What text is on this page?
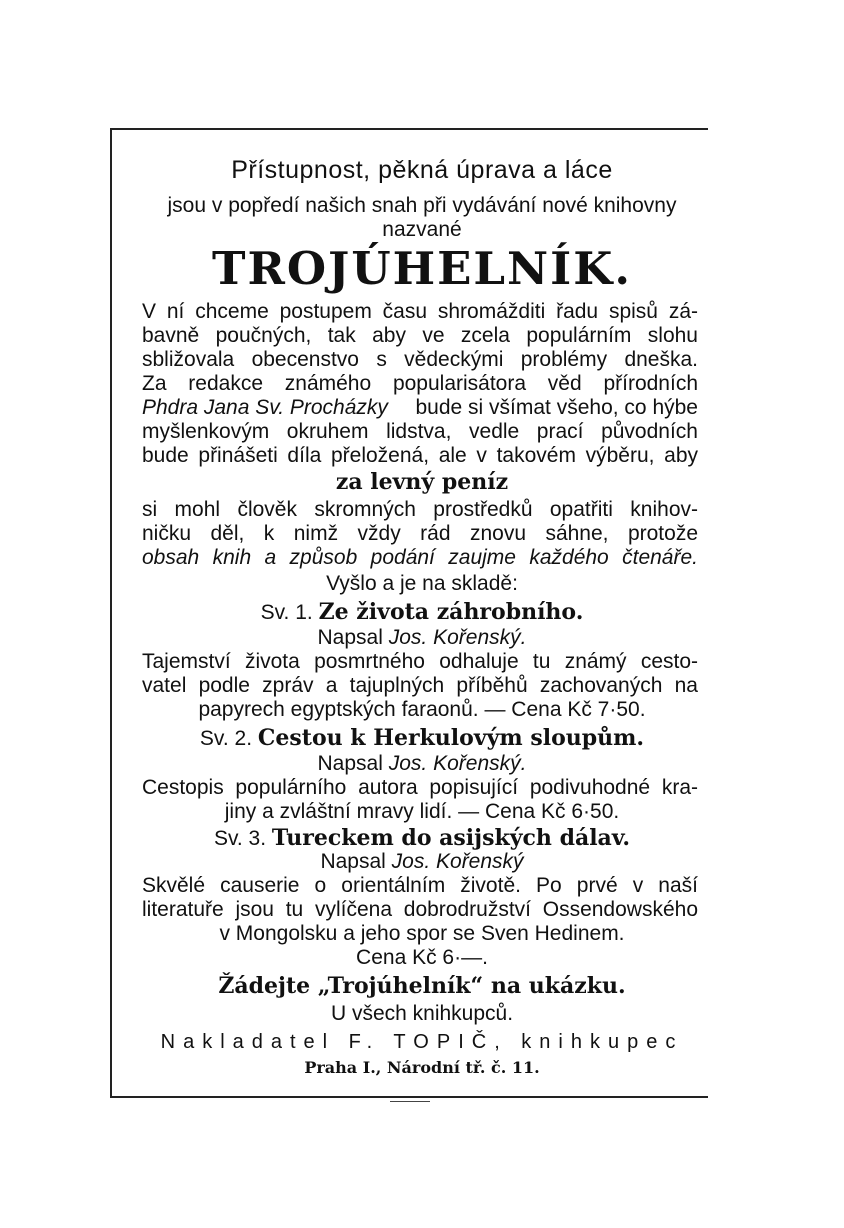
Přístupnost, pěkná úprava a láce
jsou v popředí našich snah při vydávání nové knihovny
nazvané
TROJÚHELNÍK.
V ní chceme postupem času shromážditi řadu spisů zá-
bavně poučných, tak aby ve zcela populárním slohu
sbližovala obecenstvo s vědeckými problémy dneška.
Za redakce známého popularisátora věd přírodních
Phdra Jana Sv. Procházky bude si všímat všeho, co hýbe
myšlenkovým okruhem lidstva, vedle prací původních
bude přinášeti díla přeložená, ale v takovém výběru, aby
za levný peníz
si mohl člověk skromných prostředků opatřiti knihov-
ničku děl, k nimž vždy rád znovu sáhne, protože
obsah knih a způsob podání zaujme každého čtenáře.
Vyšlo a je na skladě:
Sv. 1. Ze života záhrobního.
Napsal Jos. Kořenský.
Tajemství života posmrtného odhaluje tu známý cesto-
vatel podle zpráv a tajuplných příběhů zachovaných na
papyrech egyptských faraonů. — Cena Kč 7·50.
Sv. 2. Cestou k Herkulovým sloupům.
Napsal Jos. Kořenský.
Cestopis populárního autora popisující podivuhodné kra-
jiny a zvláštní mravy lidí. — Cena Kč 6·50.
Sv. 3. Tureckem do asijských dálav.
Napsal Jos. Kořenský
Skvělé causerie o orientálním životě. Po prvé v naší
literatuře jsou tu vylíčena dobrodružství Ossendowského
v Mongolsku a jeho spor se Sven Hedinem.
Cena Kč 6·—.
Žádejte „Trojúhelník“ na ukázku.
U všech knihkupců.
Nakladatel F. TOPIČ, knihkupec
Praha I., Národní tř. č. 11.
